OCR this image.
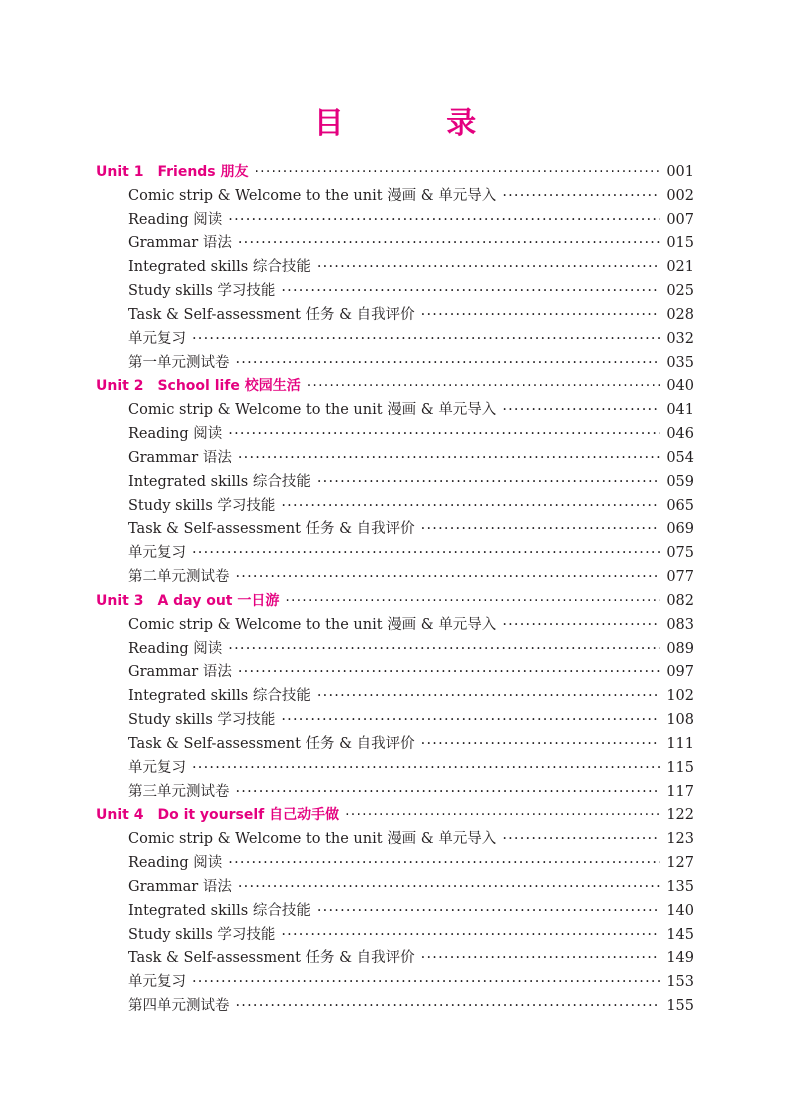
目 录
Unit 1 Friends 朋友 ·····	001
Comic strip & Welcome to the unit 漫画 & 单元导入 ·····	002
Reading 阅读 ·····	007
Grammar 语法 ·····	015
Integrated skills 综合技能 ·····	021
Study skills 学习技能 ·····	025
Task & Self-assessment 任务 & 自我评价 ·····	028
单元复习 ·····	032
第一单元测试卷 ·····	035
Unit 2 School life 校园生活 ·····	040
Comic strip & Welcome to the unit 漫画 & 单元导入 ·····	041
Reading 阅读 ·····	046
Grammar 语法 ·····	054
Integrated skills 综合技能 ·····	059
Study skills 学习技能 ·····	065
Task & Self-assessment 任务 & 自我评价 ·····	069
单元复习 ·····	075
第二单元测试卷 ·····	077
Unit 3 A day out 一日游 ·····	082
Comic strip & Welcome to the unit 漫画 & 单元导入 ·····	083
Reading 阅读 ·····	089
Grammar 语法 ·····	097
Integrated skills 综合技能 ·····	102
Study skills 学习技能 ·····	108
Task & Self-assessment 任务 & 自我评价 ·····	111
单元复习 ·····	115
第三单元测试卷 ·····	117
Unit 4 Do it yourself 自己动手做 ·····	122
Comic strip & Welcome to the unit 漫画 & 单元导入 ·····	123
Reading 阅读 ·····	127
Grammar 语法 ·····	135
Integrated skills 综合技能 ·····	140
Study skills 学习技能 ·····	145
Task & Self-assessment 任务 & 自我评价 ·····	149
单元复习 ·····	153
第四单元测试卷 ·····	155
